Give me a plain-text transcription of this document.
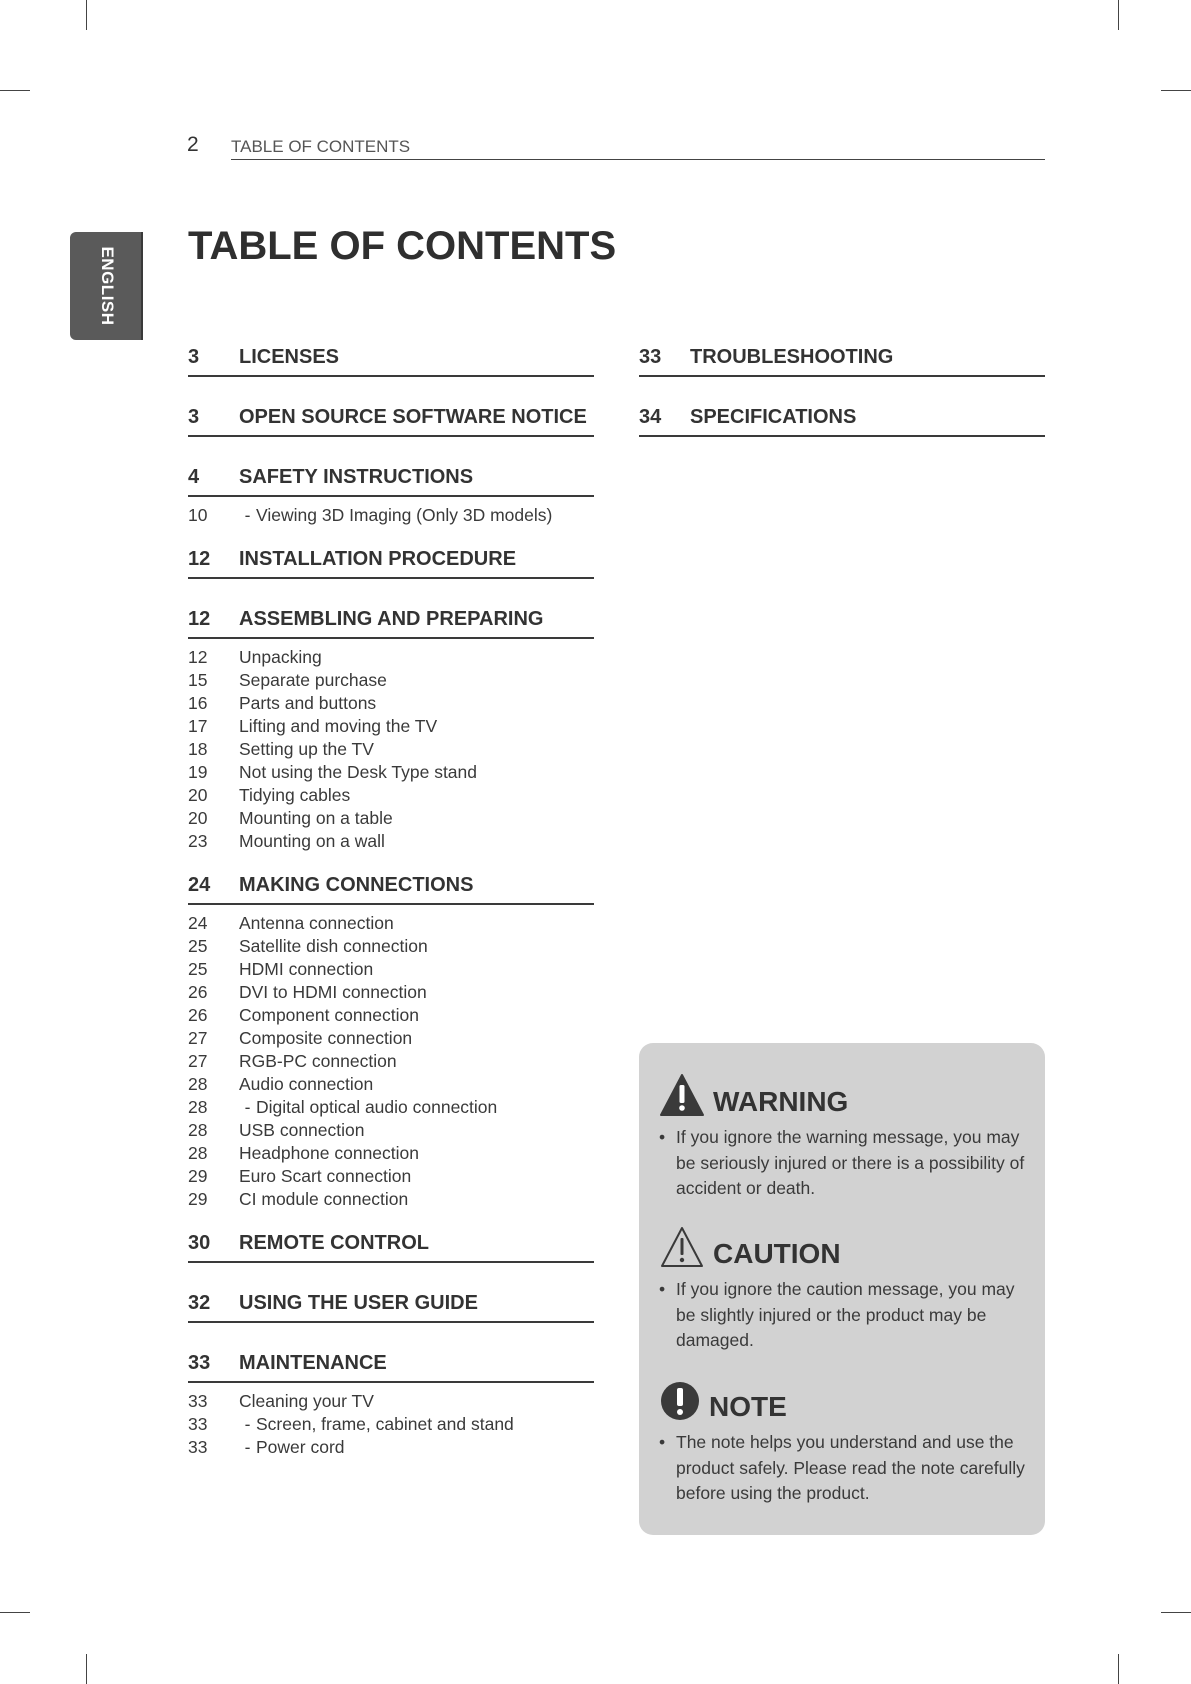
2 TABLE OF CONTENTS
ENGLISH
TABLE OF CONTENTS
3	LICENSES
3	OPEN SOURCE SOFTWARE NOTICE
4	SAFETY INSTRUCTIONS
10	- Viewing 3D Imaging (Only 3D models)
12	INSTALLATION PROCEDURE
12	ASSEMBLING AND PREPARING
12	Unpacking
15	Separate purchase
16	Parts and buttons
17	Lifting and moving the TV
18	Setting up the TV
19	Not using the Desk Type stand
20	Tidying cables
20	Mounting on a table
23	Mounting on a wall
24	MAKING CONNECTIONS
24	Antenna connection
25	Satellite dish connection
25	HDMI connection
26	DVI to HDMI connection
26	Component connection
27	Composite connection
27	RGB-PC connection
28	Audio connection
28	- Digital optical audio connection
28	USB connection
28	Headphone connection
29	Euro Scart connection
29	CI module connection
30	REMOTE CONTROL
32	USING THE USER GUIDE
33	MAINTENANCE
33	Cleaning your TV
33	- Screen, frame, cabinet and stand
33	- Power cord
33	TROUBLESHOOTING
34	SPECIFICATIONS
WARNING
• If you ignore the warning message, you may be seriously injured or there is a possibility of accident or death.
CAUTION
• If you ignore the caution message, you may be slightly injured or the product may be damaged.
NOTE
• The note helps you understand and use the product safely. Please read the note carefully before using the product.
